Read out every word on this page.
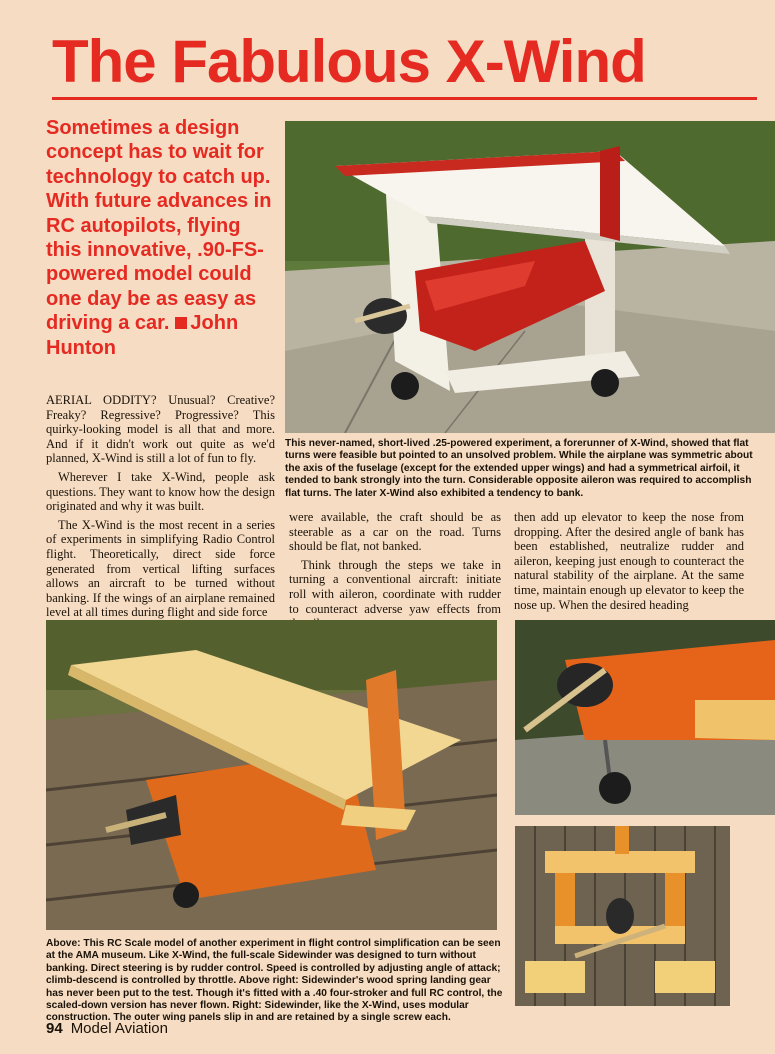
The Fabulous X-Wind
Sometimes a design concept has to wait for technology to catch up. With future advances in RC autopilots, flying this innovative, .90-FS-powered model could one day be as easy as driving a car. John Hunton
This never-named, short-lived .25-powered experiment, a forerunner of X-Wind, showed that flat turns were feasible but pointed to an unsolved problem. While the airplane was symmetric about the axis of the fuselage (except for the extended upper wings) and had a symmetrical airfoil, it tended to bank strongly into the turn. Considerable opposite aileron was required to accomplish flat turns. The later X-Wind also exhibited a tendency to bank.

AERIAL ODDITY? Unusual? Creative? Freaky? Regressive? Progressive? This quirky-looking model is all that and more. And if it didn't work out quite as we'd planned, X-Wind is still a lot of fun to fly.

Wherever I take X-Wind, people ask questions. They want to know how the design originated and why it was built.

The X-Wind is the most recent in a series of experiments in simplifying Radio Control flight. Theoretically, direct side force generated from vertical lifting surfaces allows an aircraft to be turned without banking. If the wings of an airplane remained level at all times during flight and side force

were available, the craft should be as steerable as a car on the road. Turns should be flat, not banked.

Think through the steps we take in turning a conventional aircraft: initiate roll with aileron, coordinate with rudder to counteract adverse yaw effects from

then add up elevator to keep the nose from dropping. After the desired angle of bank has been established, neutralize rudder and aileron, keeping just enough to counteract the natural stability of the airplane. At the same time, maintain enough up elevator to keep the nose up. When the desired heading

Above: This RC Scale model of another experiment in flight control simplification can be seen at the AMA museum. Like X-Wind, the full-scale Sidewinder was designed to turn without banking. Direct steering is by rudder control. Speed is controlled by adjusting angle of attack; climb-descend is controlled by throttle. Above right: Sidewinder's wood spring landing gear has never been put to the test. Though it's fitted with a .40 four-stroker and full RC control, the scaled-down version has never flown. Right: Sidewinder, like the X-Wind, uses modular construction. The outer wing panels slip in and are retained by a single screw each.
94 Model Aviation
